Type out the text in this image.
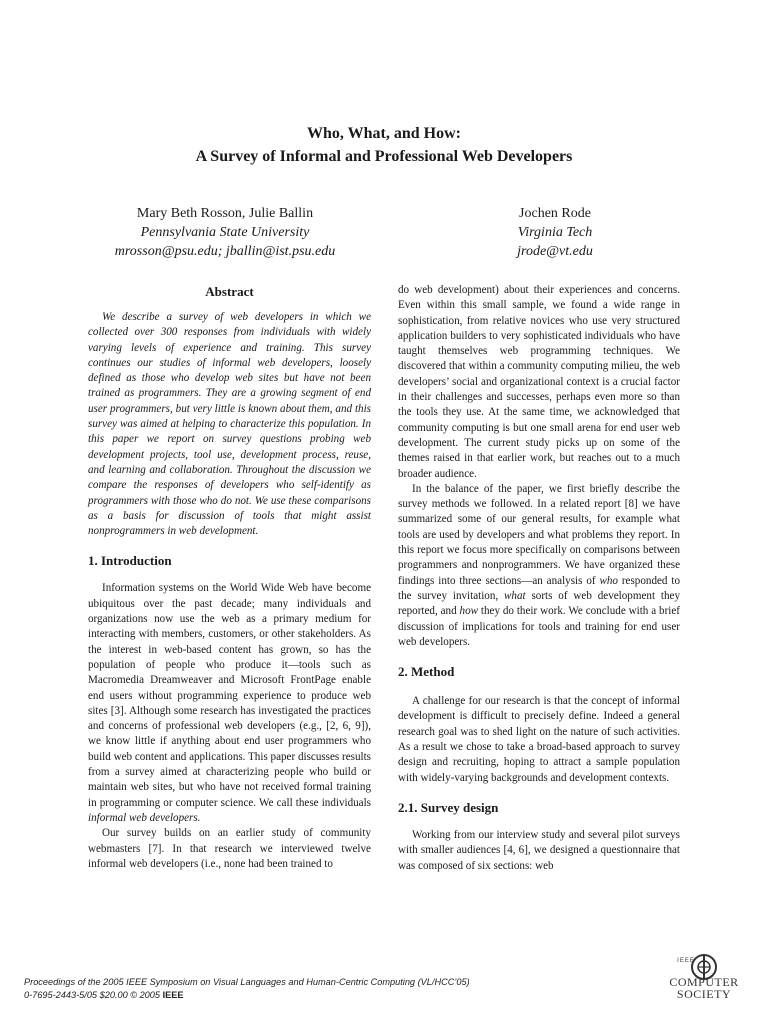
Who, What, and How:
A Survey of Informal and Professional Web Developers
Mary Beth Rosson, Julie Ballin
Pennsylvania State University
mrosson@psu.edu; jballin@ist.psu.edu
Jochen Rode
Virginia Tech
jrode@vt.edu
Abstract

We describe a survey of web developers in which we collected over 300 responses from individuals with widely varying levels of experience and training. This survey continues our studies of informal web developers, loosely defined as those who develop web sites but have not been trained as programmers. They are a growing segment of end user programmers, but very little is known about them, and this survey was aimed at helping to characterize this population. In this paper we report on survey questions probing web development projects, tool use, development process, reuse, and learning and collaboration. Throughout the discussion we compare the responses of developers who self-identify as programmers with those who do not. We use these comparisons as a basis for discussion of tools that might assist nonprogrammers in web development.

1. Introduction

Information systems on the World Wide Web have become ubiquitous over the past decade; many individuals and organizations now use the web as a primary medium for interacting with members, customers, or other stakeholders. As the interest in web-based content has grown, so has the population of people who produce it—tools such as Macromedia Dreamweaver and Microsoft FrontPage enable end users without programming experience to produce web sites [3]. Although some research has investigated the practices and concerns of professional web developers (e.g., [2, 6, 9]), we know little if anything about end user programmers who build web content and applications. This paper discusses results from a survey aimed at characterizing people who build or maintain web sites, but who have not received formal training in programming or computer science. We call these individuals informal web developers.

Our survey builds on an earlier study of community webmasters [7]. In that research we interviewed twelve informal web developers (i.e., none had been trained to

do web development) about their experiences and concerns. Even within this small sample, we found a wide range in sophistication, from relative novices who use very structured application builders to very sophisticated individuals who have taught themselves web programming techniques. We discovered that within a community computing milieu, the web developers’ social and organizational context is a crucial factor in their challenges and successes, perhaps even more so than the tools they use. At the same time, we acknowledged that community computing is but one small arena for end user web development. The current study picks up on some of the themes raised in that earlier work, but reaches out to a much broader audience.

In the balance of the paper, we first briefly describe the survey methods we followed. In a related report [8] we have summarized some of our general results, for example what tools are used by developers and what problems they report. In this report we focus more specifically on comparisons between programmers and nonprogrammers. We have organized these findings into three sections—an analysis of who responded to the survey invitation, what sorts of web development they reported, and how they do their work. We conclude with a brief discussion of implications for tools and training for end user web developers.

2. Method

A challenge for our research is that the concept of informal development is difficult to precisely define. Indeed a general research goal was to shed light on the nature of such activities. As a result we chose to take a broad-based approach to survey design and recruiting, hoping to attract a sample population with widely-varying backgrounds and development contexts.

2.1. Survey design

Working from our interview study and several pilot surveys with smaller audiences [4, 6], we designed a questionnaire that was composed of six sections: web

Proceedings of the 2005 IEEE Symposium on Visual Languages and Human-Centric Computing (VL/HCC’05)
0-7695-2443-5/05 $20.00 © 2005 IEEE
IEEE
COMPUTER
SOCIETY
